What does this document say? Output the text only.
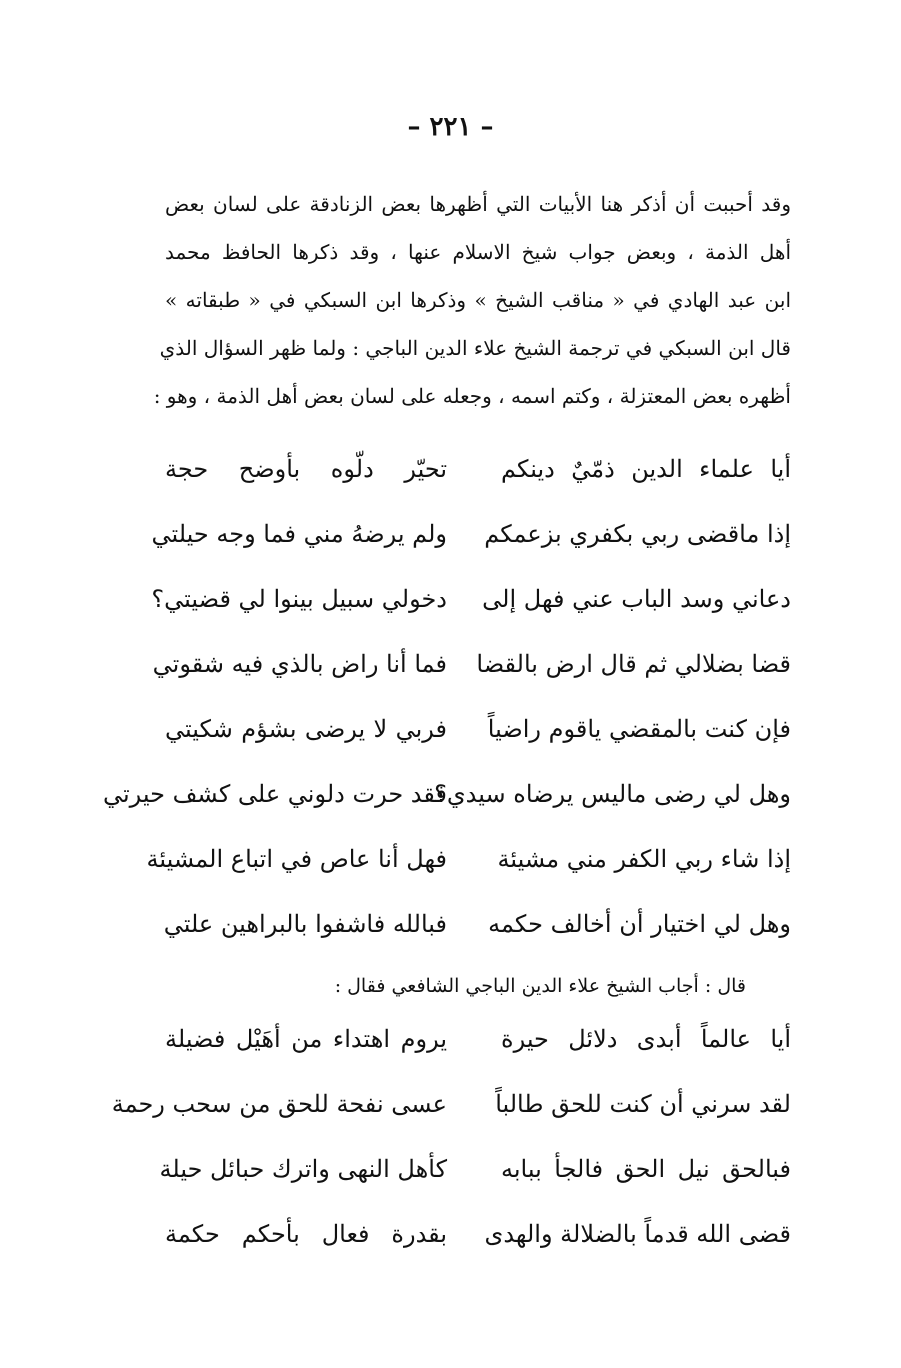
– ٢٢١ –
وقد أحببت أن أذكر هنا الأبيات التي أظهرها بعض الزنادقة على لسان بعض
أهل الذمة ، وبعض جواب شيخ الاسلام عنها ، وقد ذكرها الحافظ محمد
ابن عبد الهادي في « مناقب الشيخ » وذكرها ابن السبكي في « طبقاته »
قال ابن السبكي في ترجمة الشيخ علاء الدين الباجي : ولما ظهر السؤال الذي
أظهره بعض المعتزلة ، وكتم اسمه ، وجعله على لسان بعض أهل الذمة ، وهو :
أيا علماء الدين ذمّيٌ دينكم
تحيّر دلّوه بأوضح حجة
إذا ماقضى ربي بكفري بزعمكم
ولم يرضهُ مني فما وجه حيلتي
دعاني وسد الباب عني فهل إلى
دخولي سبيل بينوا لي قضيتي؟
قضا بضلالي ثم قال ارض بالقضا
فما أنا راض بالذي فيه شقوتي
فإن كنت بالمقضي ياقوم راضياً
فربي لا يرضى بشؤم شكيتي
وهل لي رضى ماليس يرضاه سيدي؟
فقد حرت دلوني على كشف حيرتي
إذا شاء ربي الكفر مني مشيئة
فهل أنا عاص في اتباع المشيئة
وهل لي اختيار أن أخالف حكمه
فبالله فاشفوا بالبراهين علتي
قال : أجاب الشيخ علاء الدين الباجي الشافعي فقال :
أيا عالماً أبدى دلائل حيرة
يروم اهتداء من أهَيْل فضيلة
لقد سرني أن كنت للحق طالباً
عسى نفحة للحق من سحب رحمة
فبالحق نيل الحق فالجأ ببابه
كأهل النهى واترك حبائل حيلة
قضى الله قدماً بالضلالة والهدى
بقدرة فعال بأحكم حكمة
